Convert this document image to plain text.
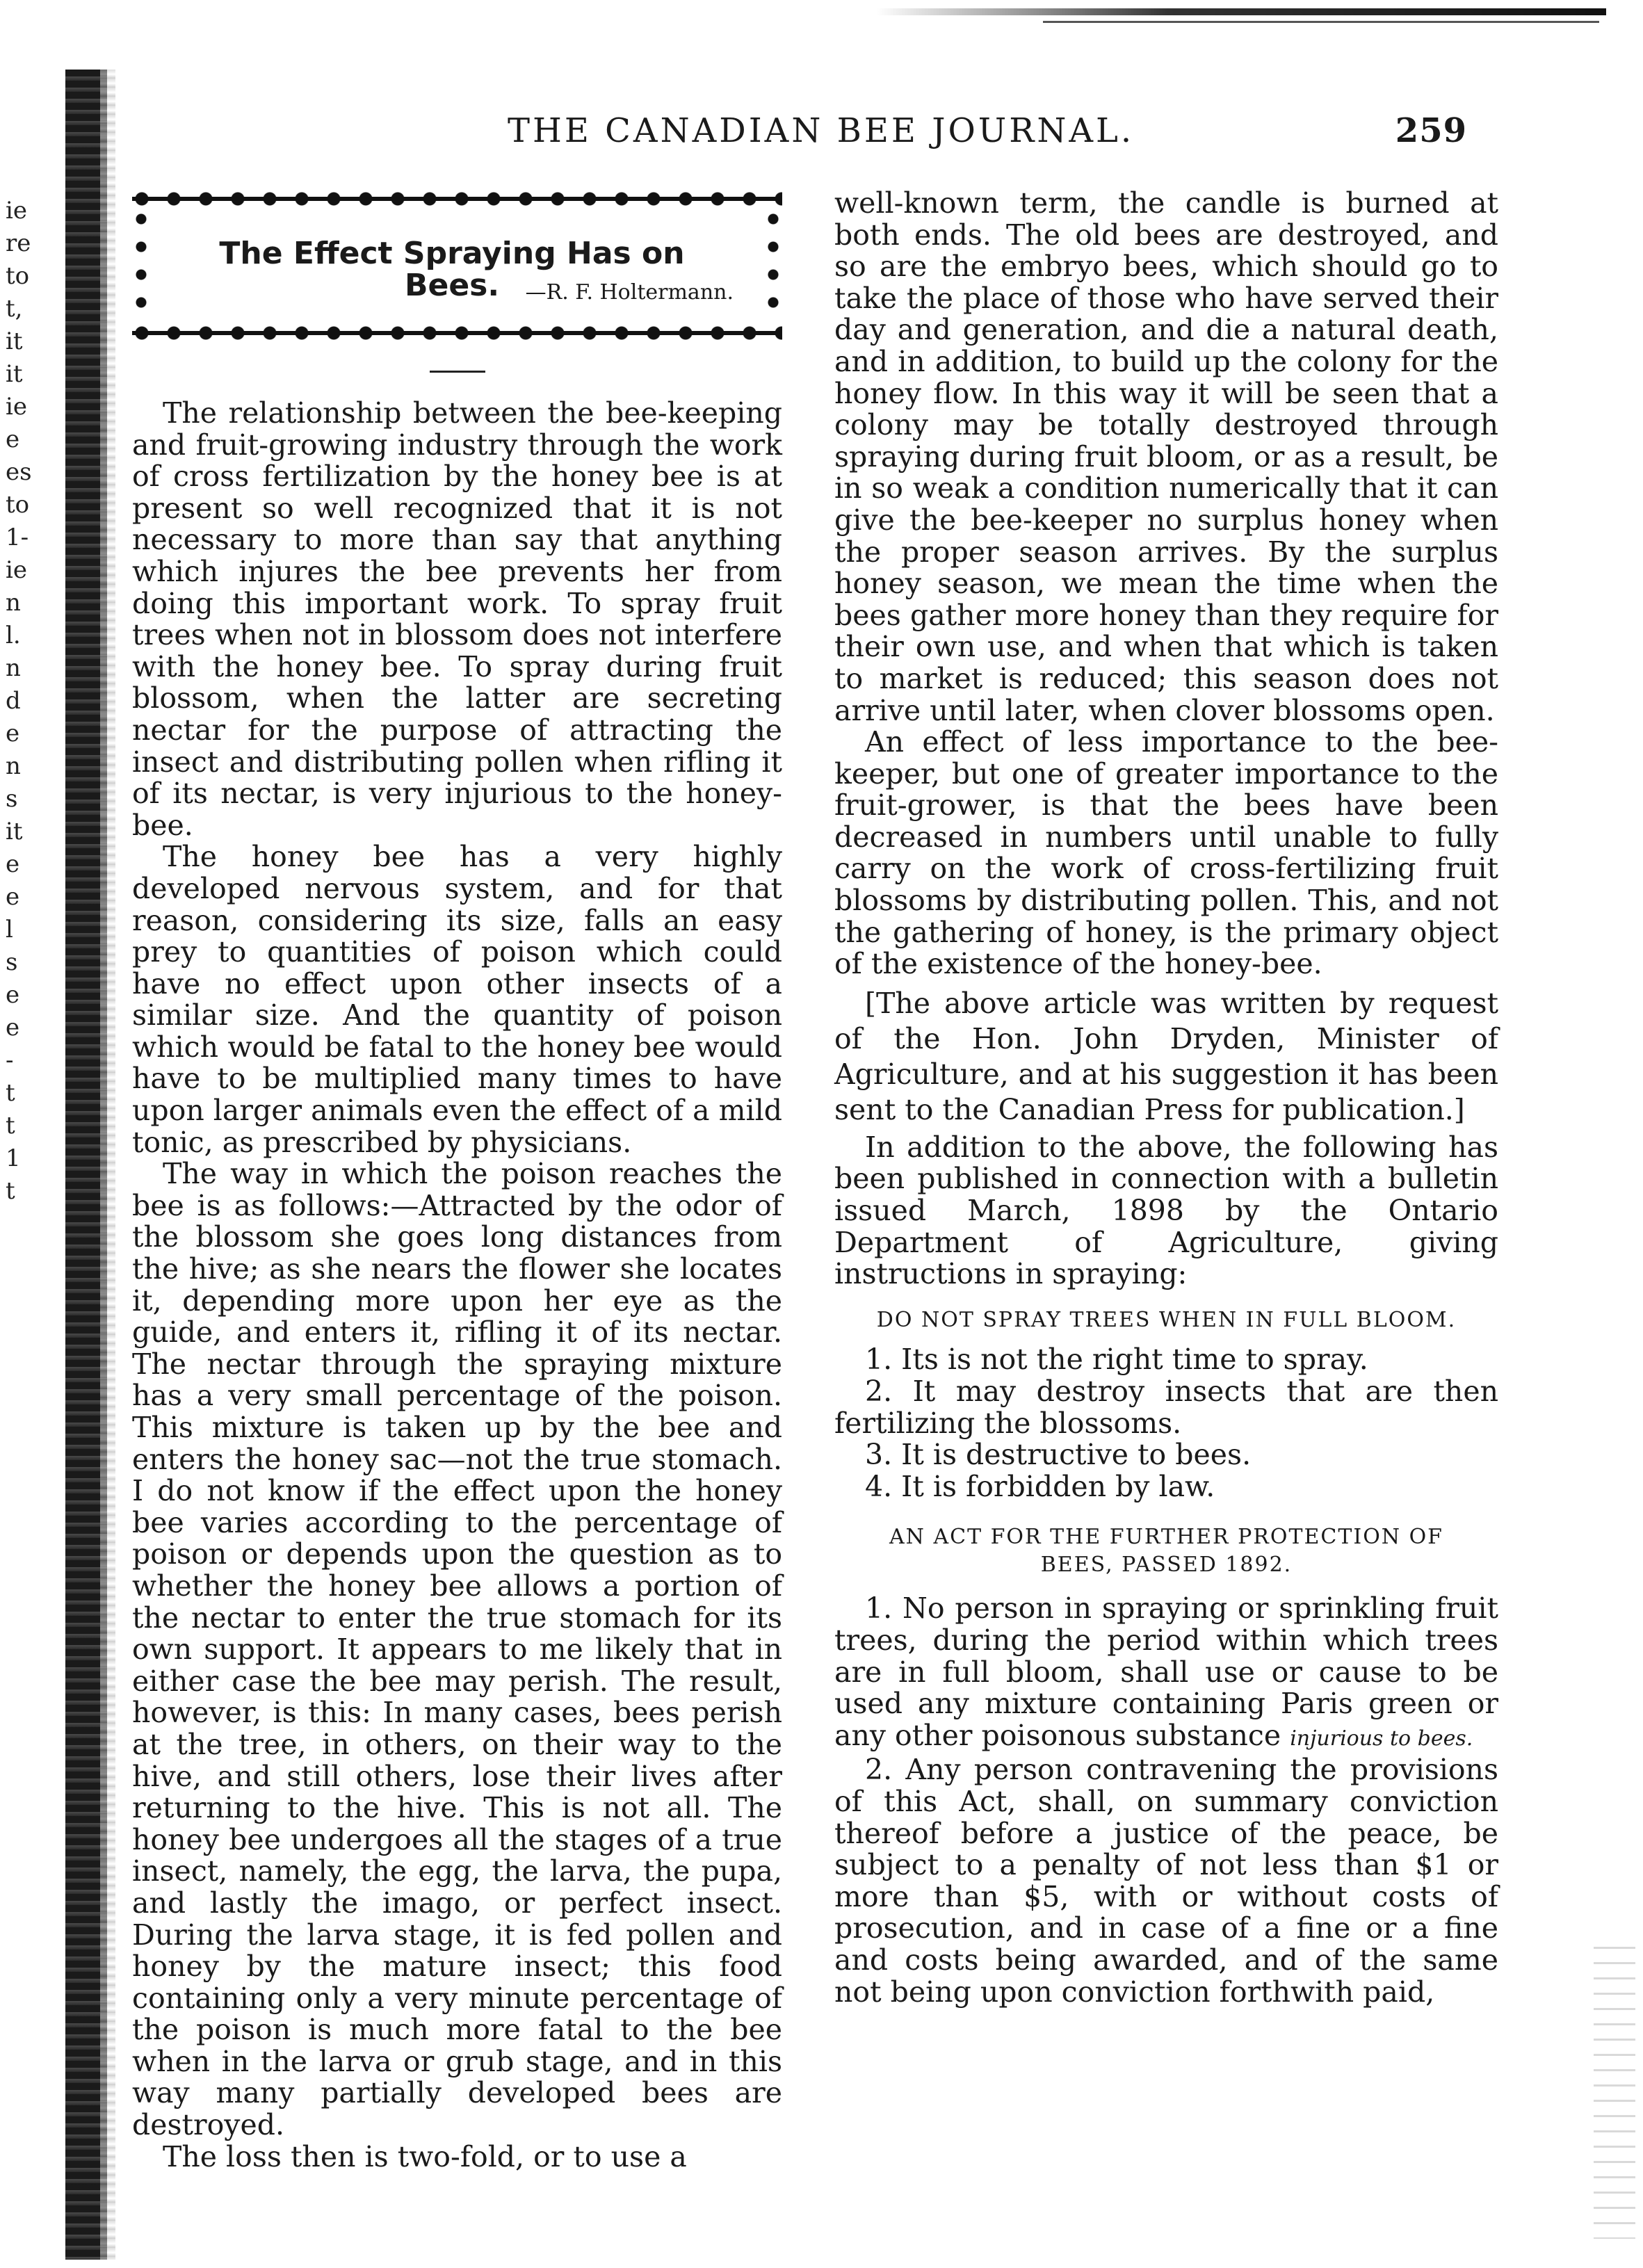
ie
re
to
t,
it
it
ie
e
es
to
1-
ie
n
l.
n
d
e
n
s
it
e
e
l
s
e
e
-
t
t
1
t
THE CANADIAN BEE JOURNAL.	259
The Effect Spraying Has on Bees.	—R. F. Holtermann.

The relationship between the bee-keeping and fruit-growing industry through the work of cross fertilization by the honey bee is at present so well recognized that it is not necessary to more than say that anything which injures the bee prevents her from doing this important work. To spray fruit trees when not in blossom does not interfere with the honey bee. To spray during fruit blossom, when the latter are secreting nectar for the purpose of attracting the insect and distributing pollen when rifling it of its nectar, is very injurious to the honey-bee.

The honey bee has a very highly developed nervous system, and for that reason, considering its size, falls an easy prey to quantities of poison which could have no effect upon other insects of a similar size. And the quantity of poison which would be fatal to the honey bee would have to be multiplied many times to have upon larger animals even the effect of a mild tonic, as prescribed by physicians.

The way in which the poison reaches the bee is as follows:—Attracted by the odor of the blossom she goes long distances from the hive; as she nears the flower she locates it, depending more upon her eye as the guide, and enters it, rifling it of its nectar. The nectar through the spraying mixture has a very small percentage of the poison. This mixture is taken up by the bee and enters the honey sac—not the true stomach. I do not know if the effect upon the honey bee varies according to the percentage of poison or depends upon the question as to whether the honey bee allows a portion of the nectar to enter the true stomach for its own support. It appears to me likely that in either case the bee may perish. The result, however, is this: In many cases, bees perish at the tree, in others, on their way to the hive, and still others, lose their lives after returning to the hive. This is not all. The honey bee undergoes all the stages of a true insect, namely, the egg, the larva, the pupa, and lastly the imago, or perfect insect. During the larva stage, it is fed pollen and honey by the mature insect; this food containing only a very minute percentage of the poison is much more fatal to the bee when in the larva or grub stage, and in this way many partially developed bees are destroyed.

The loss then is two-fold, or to use a

well-known term, the candle is burned at both ends. The old bees are destroyed, and so are the embryo bees, which should go to take the place of those who have served their day and generation, and die a natural death, and in addition, to build up the colony for the honey flow. In this way it will be seen that a colony may be totally destroyed through spraying during fruit bloom, or as a result, be in so weak a condition numerically that it can give the bee-keeper no surplus honey when the proper season arrives. By the surplus honey season, we mean the time when the bees gather more honey than they require for their own use, and when that which is taken to market is reduced; this season does not arrive until later, when clover blossoms open.

An effect of less importance to the bee-keeper, but one of greater importance to the fruit-grower, is that the bees have been decreased in numbers until unable to fully carry on the work of cross-fertilizing fruit blossoms by distributing pollen. This, and not the gathering of honey, is the primary object of the existence of the honey-bee.

[The above article was written by request of the Hon. John Dryden, Minister of Agriculture, and at his suggestion it has been sent to the Canadian Press for publication.]

In addition to the above, the following has been published in connection with a bulletin issued March, 1898 by the Ontario Department of Agriculture, giving instructions in spraying:

DO NOT SPRAY TREES WHEN IN FULL BLOOM.

1. Its is not the right time to spray.

2. It may destroy insects that are then fertilizing the blossoms.

3. It is destructive to bees.

4. It is forbidden by law.

AN ACT FOR THE FURTHER PROTECTION OF
BEES, PASSED 1892.

1. No person in spraying or sprinkling fruit trees, during the period within which trees are in full bloom, shall use or cause to be used any mixture containing Paris green or any other poisonous substance injurious to bees.

2. Any person contravening the provisions of this Act, shall, on summary conviction thereof before a justice of the peace, be subject to a penalty of not less than $1 or more than $5, with or without costs of prosecution, and in case of a fine or a fine and costs being awarded, and of the same not being upon conviction forthwith paid,
